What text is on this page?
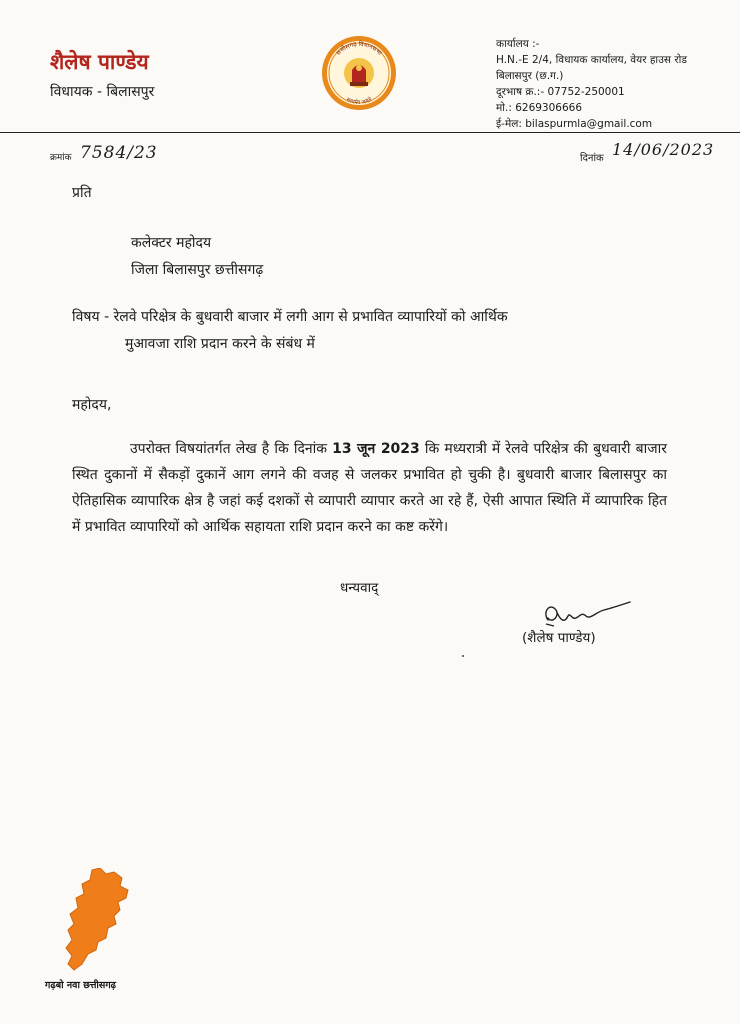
शैलेष पाण्डेय
विधायक - बिलासपुर
छत्तीसगढ़ विधानसभा
सत्यमेव जयते
कार्यालय :-
H.N.-E 2/4, विधायक कार्यालय, वेयर हाउस रोड
बिलासपुर (छ.ग.)
दूरभाष क्र.:- 07752-250001
मो.: 6269306666
ई-मेल: bilaspurmla@gmail.com
क्रमांक 7584/23	दिनांक 14/06/2023
प्रति
कलेक्टर महोदय
जिला बिलासपुर छत्तीसगढ़
विषय - रेलवे परिक्षेत्र के बुधवारी बाजार में लगी आग से प्रभावित व्यापारियों को आर्थिक
मुआवजा राशि प्रदान करने के संबंध में
महोदय,
उपरोक्त विषयांतर्गत लेख है कि दिनांक 13 जून 2023 कि मध्यरात्री में रेलवे परिक्षेत्र की बुधवारी बाजार स्थित दुकानों में सैकड़ों दुकानें आग लगने की वजह से जलकर प्रभावित हो चुकी है। बुधवारी बाजार बिलासपुर का ऐतिहासिक व्यापारिक क्षेत्र है जहां कई दशकों से व्यापारी व्यापार करते आ रहे हैं, ऐसी आपात स्थिति में व्यापारिक हित में प्रभावित व्यापारियों को आर्थिक सहायता राशि प्रदान करने का कष्ट करेंगे।
धन्यवाद्
(शैलेष पाण्डेय)
गढ़बो नवा छत्तीसगढ़
